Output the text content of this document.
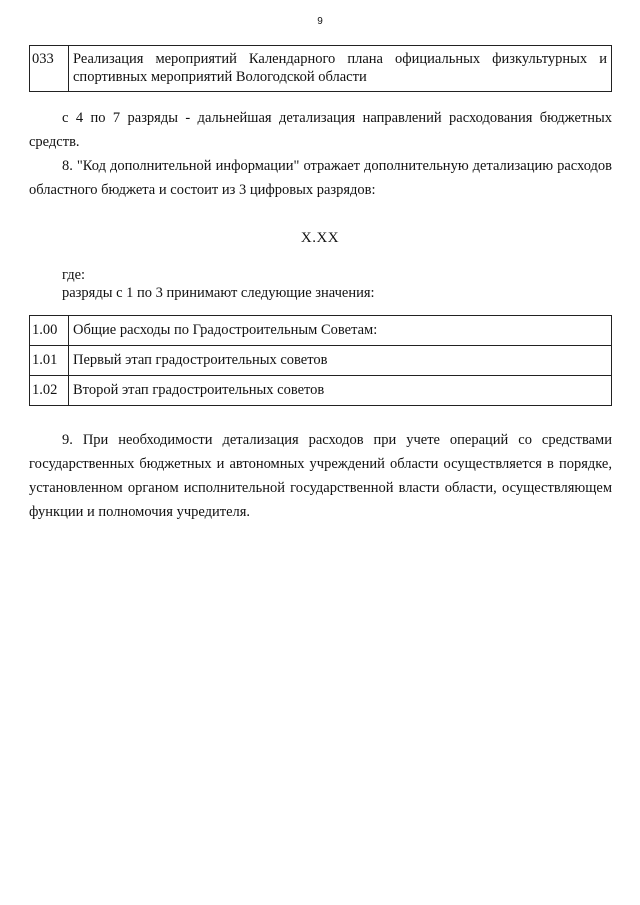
9
033	Реализация мероприятий Календарного плана официальных физкультурных и спортивных мероприятий Вологодской области

с 4 по 7 разряды - дальнейшая детализация направлений расходования бюджетных средств.

8. "Код дополнительной информации" отражает дополнительную детализацию расходов областного бюджета и состоит из 3 цифровых разрядов:

Х.ХХ
где:
разряды с 1 по 3 принимают следующие значения:
1.00	Общие расходы по Градостроительным Советам:
1.01	Первый этап градостроительных советов
1.02	Второй этап градостроительных советов

9. При необходимости детализация расходов при учете операций со средствами государственных бюджетных и автономных учреждений области осуществляется в порядке, установленном органом исполнительной государственной власти области, осуществляющем функции и полномочия учредителя.
